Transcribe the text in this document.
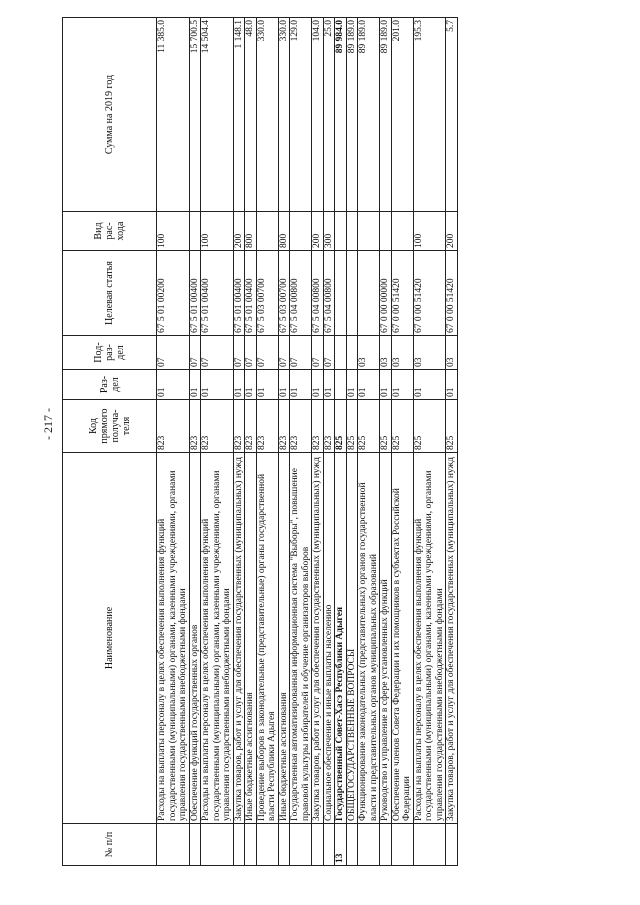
- 217 -
№ п/п	Наименование	Код прямого получа- теля	Раз- дел	Под- раз- дел	Целевая статья	Вид рас- хода	Сумма на 2019 год
	Расходы на выплаты персоналу в целях обеспечения выполнения функций государственными (муниципальными) органами, казенными учреждениями, органами управления государственными внебюджетными фондами	823	01	07	67 5 01 00200	100	11 385.0
	Обеспечение функций государственных органов	823	01	07	67 5 01 00400		15 700.5
	Расходы на выплаты персоналу в целях обеспечения выполнения функций государственными (муниципальными) органами, казенными учреждениями, органами управления государственными внебюджетными фондами	823	01	07	67 5 01 00400	100	14 504.4
	Закупка товаров, работ и услуг для обеспечения государственных (муниципальных) нужд	823	01	07	67 5 01 00400	200	1 148.1
	Иные бюджетные ассигнования	823	01	07	67 5 01 00400	800	48.0
	Проведение выборов в законодательные (представительные) органы государственной власти Республики Адыгея	823	01	07	67 5 03 00700		330.0
	Иные бюджетные ассигнования	823	01	07	67 5 03 00700	800	330.0
	Государственная автоматизированная информационная система "Выборы", повышение правовой культуры избирателей и обучение организаторов выборов	823	01	07	67 5 04 00800		129.0
	Закупка товаров, работ и услуг для обеспечения государственных (муниципальных) нужд	823	01	07	67 5 04 00800	200	104.0
	Социальное обеспечение и иные выплаты населению	823	01	07	67 5 04 00800	300	25.0
13	Государственный Совет-Хасэ Республики Адыгея	825					89 984.0
	ОБЩЕГОСУДАРСТВЕННЫЕ ВОПРОСЫ	825	01				89 189.0
	Функционирование законодательных (представительных) органов государственной власти и представительных органов муниципальных образований	825	01	03			89 189.0
	Руководство и управление в сфере установленных функций	825	01	03	67 0 00 00000		89 189.0
	Обеспечение членов Совета Федерации и их помощников в субъектах Российской Федерации	825	01	03	67 0 00 51420		201.0
	Расходы на выплаты персоналу в целях обеспечения выполнения функций государственными (муниципальными) органами, казенными учреждениями, органами управления государственными внебюджетными фондами	825	01	03	67 0 00 51420	100	195.3
	Закупка товаров, работ и услуг для обеспечения государственных (муниципальных) нужд	825	01	03	67 0 00 51420	200	5.7
